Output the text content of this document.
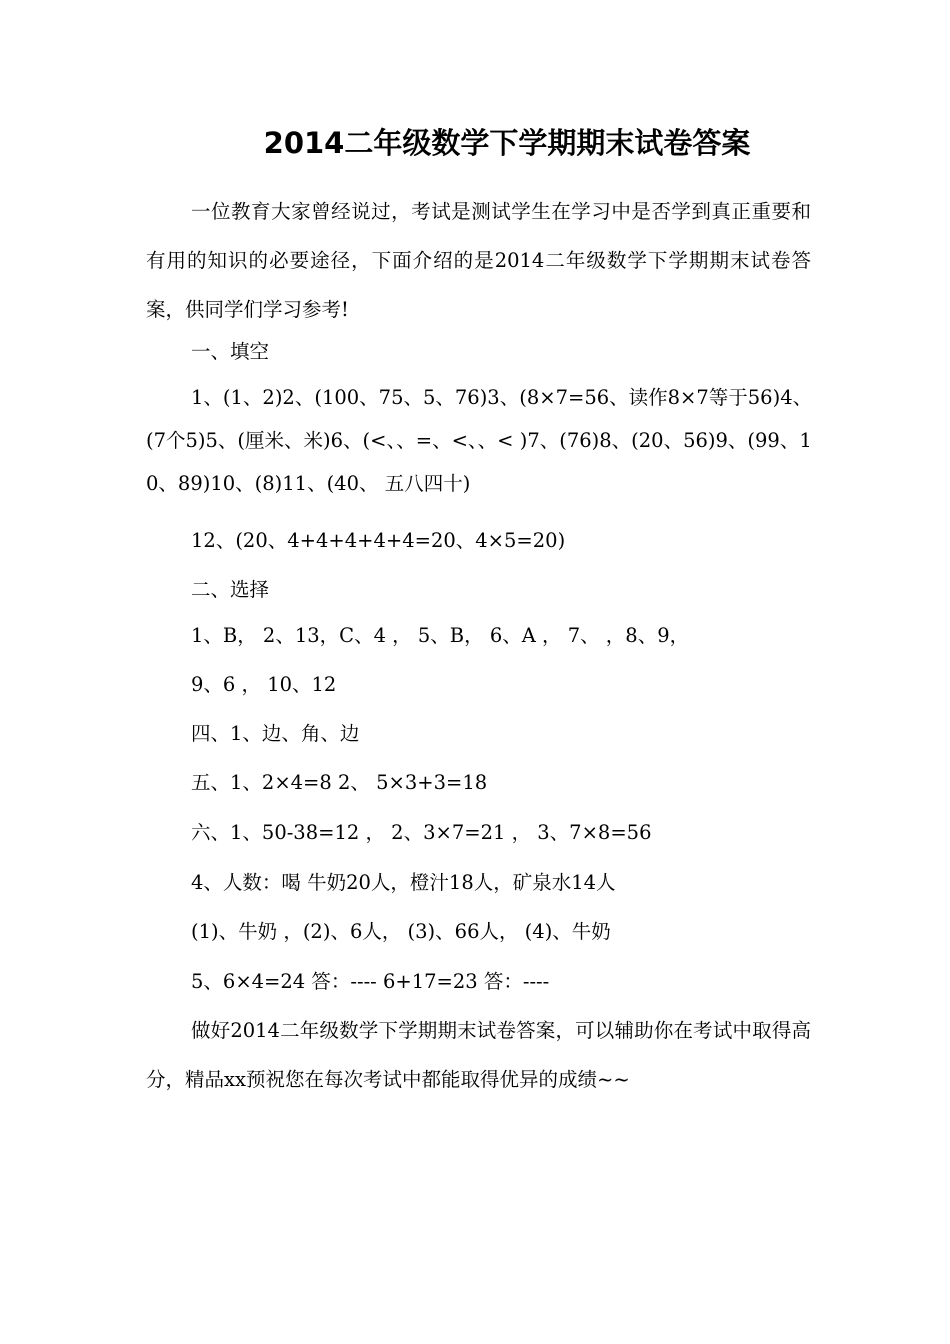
2014二年级数学下学期期末试卷答案

一位教育大家曾经说过，考试是测试学生在学习中是否学到真正重要和有用的知识的必要途径，下面介绍的是2014二年级数学下学期期末试卷答案，供同学们学习参考!

一、填空

1、(1、2)2、(100、75、5、76)3、(8×7=56、读作8×7等于56)4、(7个5)5、(厘米、米)6、(<、、=、<、、< )7、(76)8、(20、56)9、(99、10、89)10、(8)11、(40、 五八四十)

12、(20、4+4+4+4+4=20、4×5=20)

二、选择

1、B， 2、13，C、4 ， 5、B， 6、A ， 7、 ，8、9，

9、6 ， 10、12

四、1、边、角、边

五、1、2×4=8 2、 5×3+3=18

六、1、50-38=12 ， 2、3×7=21 ， 3、7×8=56

4、人数：喝 牛奶20人，橙汁18人，矿泉水14人

(1)、牛奶 ，(2)、6人， (3)、66人， (4)、牛奶

5、6×4=24 答：---- 6+17=23 答：----

做好2014二年级数学下学期期末试卷答案，可以辅助你在考试中取得高分，精品xx预祝您在每次考试中都能取得优异的成绩~~
